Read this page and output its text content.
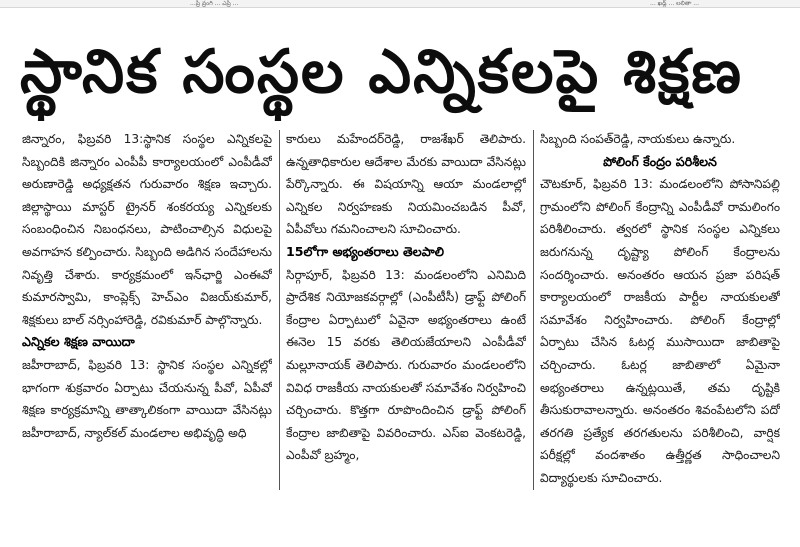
...ప్రి వ్రంగి ... ఎప్రి ...	... ఖడ్ల్ ... లలితా ...
స్థానిక సంస్థల ఎన్నికలపై శిక్షణ
జిన్నారం, ఫిబ్రవరి 13:స్థానిక సంస్థల ఎన్నికలపై సిబ్బందికి జిన్నారం ఎంపీపీ కార్యాలయంలో ఎంపీడీవో అరుణారెడ్డి అధ్యక్షతన గురువారం శిక్షణ ఇచ్చారు. జిల్లాస్థాయి మాస్టర్ ట్రైనర్ శంకరయ్య ఎన్నికలకు సంబంధించిన నిబంధనలు, పాటించాల్సిన విధులపై అవగాహన కల్పించారు. సిబ్బంది అడిగిన సందేహాలను నివృత్తి చేశారు. కార్యక్రమంలో ఇన్‌ఛార్జి ఎంఈవో కుమారస్వామి, కాంప్లెక్స్ హెచ్‌ఎం విజయ్‌కుమార్, శిక్షకులు బాల్ నర్సింహారెడ్డి, రవికుమార్ పాల్గొన్నారు.
ఎన్నికల శిక్షణ వాయిదా
జహీరాబాద్, ఫిబ్రవరి 13: స్థానిక సంస్థల ఎన్నికల్లో భాగంగా శుక్రవారం ఏర్పాటు చేయనున్న పీవో, ఏపీవో శిక్షణ కార్యక్రమాన్ని తాత్కాలికంగా వాయిదా వేసినట్లు జహీరాబాద్, న్యాల్‌కల్ మండలాల అభివృద్ధి అధి
కారులు మహేందర్‌రెడ్డి, రాజశేఖర్ తెలిపారు. ఉన్నతాధికారుల ఆదేశాల మేరకు వాయిదా వేసినట్లు పేర్కొన్నారు. ఈ విషయాన్ని ఆయా మండలాల్లో ఎన్నికల నిర్వహణకు నియమించబడిన పీవో, ఏపీవోలు గమనించాలని సూచించారు.
15లోగా అభ్యంతరాలు తెలపాలి
సిర్గాపూర్, ఫిబ్రవరి 13: మండలంలోని ఎనిమిది ప్రాదేశిక నియోజకవర్గాల్లో (ఎంపీటీసీ) డ్రాఫ్ట్ పోలింగ్ కేంద్రాల ఏర్పాటులో ఏవైనా అభ్యంతరాలు ఉంటే ఈనెల 15 వరకు తెలియజేయాలని ఎంపీడీవో మల్లూనాయక్ తెలిపారు. గురువారం మండలంలోని వివిధ రాజకీయ నాయకులతో సమావేశం నిర్వహించి చర్చించారు. కొత్తగా రూపొందించిన డ్రాఫ్ట్ పోలింగ్ కేంద్రాల జాబితాపై వివరించారు. ఎస్ఐ వెంకటరెడ్డి, ఎంపీవో బ్రహ్మం,
సిబ్బంది సంపత్‌రెడ్డి, నాయకులు ఉన్నారు.
పోలింగ్ కేంద్రం పరిశీలన
చౌటకూర్, ఫిబ్రవరి 13: మండలంలోని పోసానిపల్లి గ్రామంలోని పోలింగ్ కేంద్రాన్ని ఎంపీడీవో రామలింగం పరిశీలించారు. త్వరలో స్థానిక సంస్థల ఎన్నికలు జరుగనున్న దృష్ట్యా పోలింగ్ కేంద్రాలను సందర్శించారు. అనంతరం ఆయన ప్రజా పరిషత్ కార్యాలయంలో రాజకీయ పార్టీల నాయకులతో సమావేశం నిర్వహించారు. పోలింగ్ కేంద్రాల్లో ఏర్పాటు చేసిన ఓటర్ల ముసాయిదా జాబితాపై చర్చించారు. ఓటర్ల జాబితాలో ఏమైనా అభ్యంతరాలు ఉన్నట్లయితే, తమ దృష్టికి తీసుకురావాలన్నారు. అనంతరం శివంపేటలోని పదో తరగతి ప్రత్యేక తరగతులను పరిశీలించి, వార్షిక పరీక్షల్లో వందశాతం ఉత్తీర్ణత సాధించాలని విద్యార్థులకు సూచించారు.
